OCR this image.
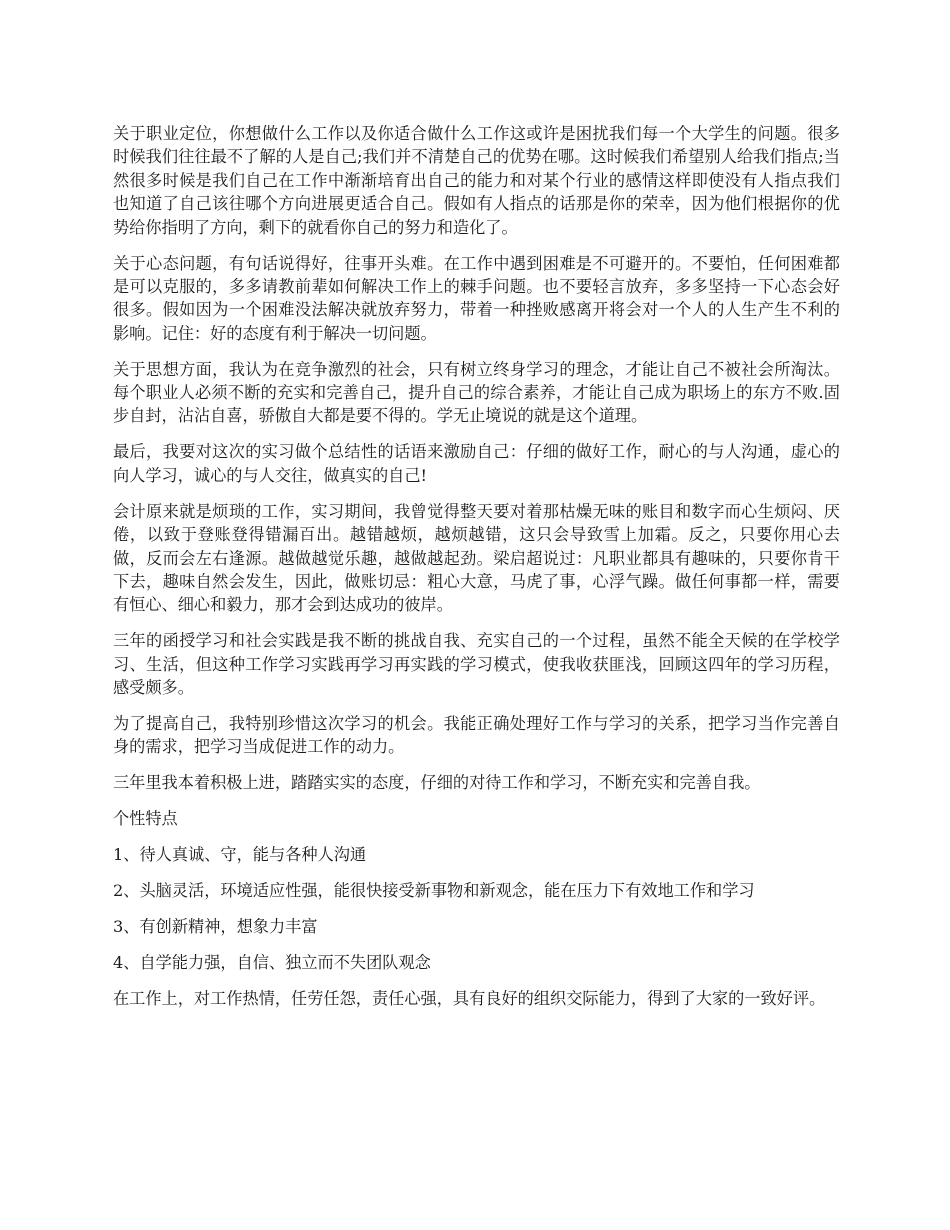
关于职业定位，你想做什么工作以及你适合做什么工作这或许是困扰我们每一个大学生的问题。很多时候我们往往最不了解的人是自己;我们并不清楚自己的优势在哪。这时候我们希望别人给我们指点;当然很多时候是我们自己在工作中渐渐培育出自己的能力和对某个行业的感情这样即使没有人指点我们也知道了自己该往哪个方向进展更适合自己。假如有人指点的话那是你的荣幸，因为他们根据你的优势给你指明了方向，剩下的就看你自己的努力和造化了。

关于心态问题，有句话说得好，往事开头难。在工作中遇到困难是不可避开的。不要怕，任何困难都是可以克服的，多多请教前辈如何解决工作上的棘手问题。也不要轻言放弃，多多坚持一下心态会好很多。假如因为一个困难没法解决就放弃努力，带着一种挫败感离开将会对一个人的人生产生不利的影响。记住：好的态度有利于解决一切问题。

关于思想方面，我认为在竞争激烈的社会，只有树立终身学习的理念，才能让自己不被社会所淘汰。每个职业人必须不断的充实和完善自己，提升自己的综合素养，才能让自己成为职场上的东方不败.固步自封，沾沾自喜，骄傲自大都是要不得的。学无止境说的就是这个道理。

最后，我要对这次的实习做个总结性的话语来激励自己：仔细的做好工作，耐心的与人沟通，虚心的向人学习，诚心的与人交往，做真实的自己!

会计原来就是烦琐的工作，实习期间，我曾觉得整天要对着那枯燥无味的账目和数字而心生烦闷、厌倦，以致于登账登得错漏百出。越错越烦，越烦越错，这只会导致雪上加霜。反之，只要你用心去做，反而会左右逢源。越做越觉乐趣，越做越起劲。梁启超说过：凡职业都具有趣味的，只要你肯干下去，趣味自然会发生，因此，做账切忌：粗心大意，马虎了事，心浮气躁。做任何事都一样，需要有恒心、细心和毅力，那才会到达成功的彼岸。

三年的函授学习和社会实践是我不断的挑战自我、充实自己的一个过程，虽然不能全天候的在学校学习、生活，但这种工作学习实践再学习再实践的学习模式，使我收获匪浅，回顾这四年的学习历程，感受颇多。

为了提高自己，我特别珍惜这次学习的机会。我能正确处理好工作与学习的关系，把学习当作完善自身的需求，把学习当成促进工作的动力。

三年里我本着积极上进，踏踏实实的态度，仔细的对待工作和学习，不断充实和完善自我。

个性特点

1、待人真诚、守，能与各种人沟通

2、头脑灵活，环境适应性强，能很快接受新事物和新观念，能在压力下有效地工作和学习

3、有创新精神，想象力丰富

4、自学能力强，自信、独立而不失团队观念

在工作上，对工作热情，任劳任怨，责任心强，具有良好的组织交际能力，得到了大家的一致好评。
